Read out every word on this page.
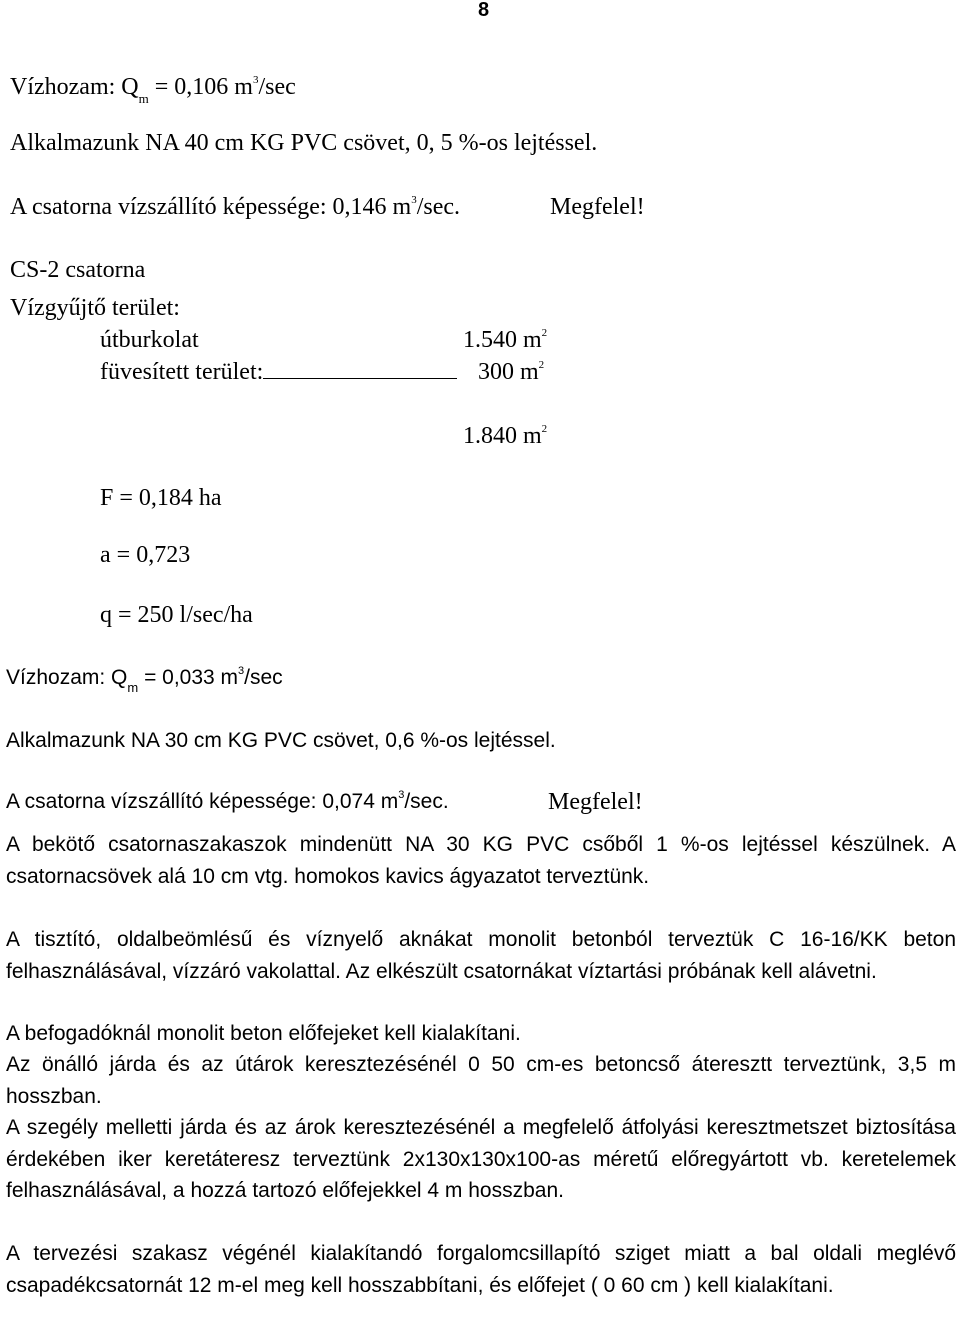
8
Vízhozam: $Q_m = 0,106$ $m^3/\sec$
Alkalmazunk NA 40 cm KG PVC csövet, 0, 5 %-os lejtéssel.
A csatorna vízszállító képessége: 0,146 $m^3/\sec$.	Megfelel!
CS-2 csatorna
Vízgyűjtő terület:
útburkolat	1.540 $m^2$
füvesített terület:	300 $m^2$
1.840 $m^2$
F = 0,184 ha
a = 0,723
q = 250 l/sec/ha
Vízhozam: $Q_m = 0,033$ $m^3/\sec$
Alkalmazunk NA 30 cm KG PVC csövet, 0,6 %-os lejtéssel.
A csatorna vízszállító képessége: 0,074 $m^3/\sec$.	Megfelel!
A bekötő csatornaszakaszok mindenütt NA 30 KG PVC csőből 1 %-os lejtéssel készülnek. A csatornacsövek alá 10 cm vtg. homokos kavics ágyazatot terveztünk.
A tisztító, oldalbeömlésű és víznyelő aknákat monolit betonból terveztük C 16-16/KK beton felhasználásával, vízzáró vakolattal. Az elkészült csatornákat víztartási próbának kell alávetni.
A befogadóknál monolit beton előfejeket kell kialakítani.
Az önálló járda és az útárok keresztezésénél 0 50 cm-es betoncső áteresztt terveztünk, 3,5 m hosszban.
A szegély melletti járda és az árok keresztezésénél a megfelelő átfolyási keresztmetszet biztosítása érdekében iker keretáteresz terveztünk 2x130x130x100-as méretű előregyártott vb. keretelemek felhasználásával, a hozzá tartozó előfejekkel 4 m hosszban.
A tervezési szakasz végénél kialakítandó forgalomcsillapító sziget miatt a bal oldali meglévő csapadékcsatornát 12 m-el meg kell hosszabbítani, és előfejet ( 0 60 cm ) kell kialakítani.
